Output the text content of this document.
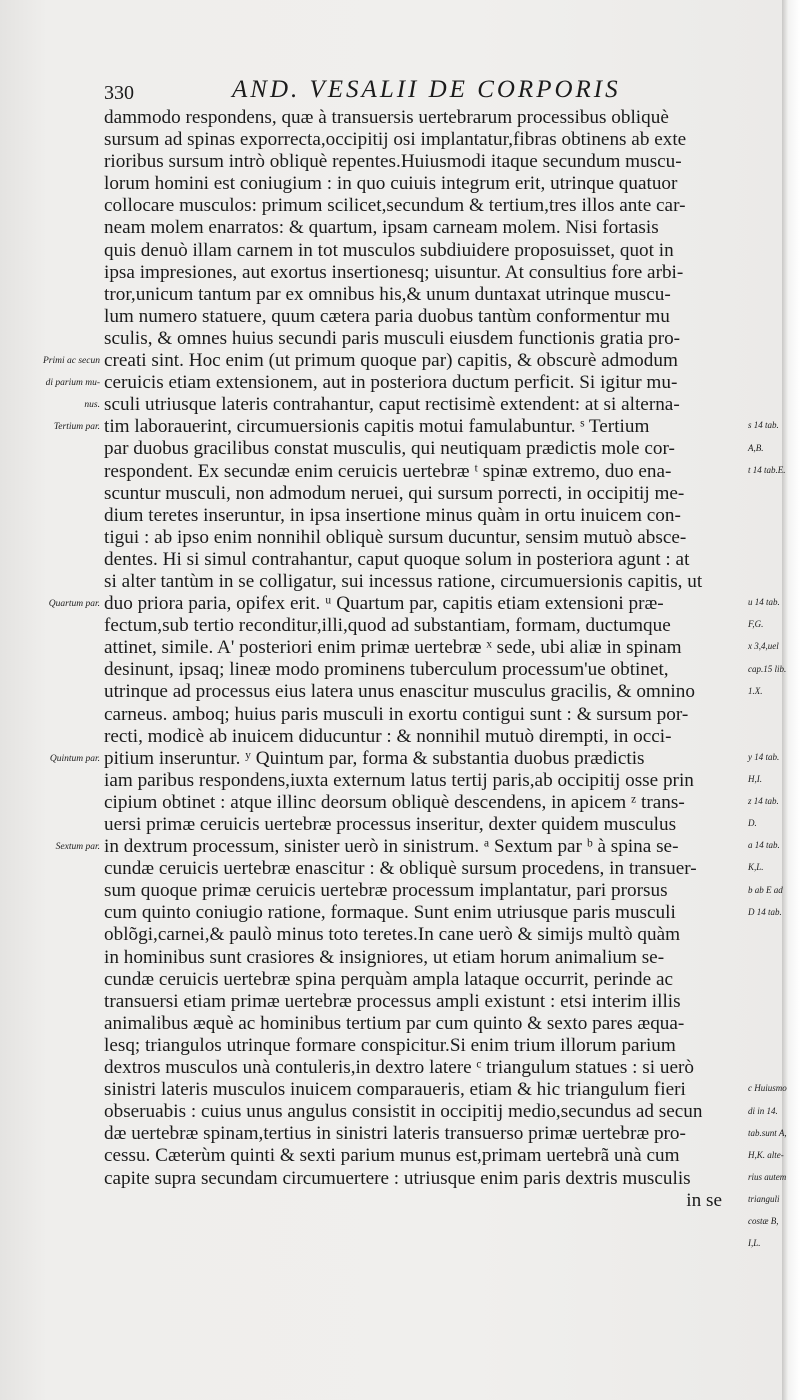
330	AND. VESALII DE CORPORIS
dammodo respondens, quæ à transuersis uertebrarum processibus obliquè
sursum ad spinas exporrecta,occipitij osi implantatur,fibras obtinens ab exte
rioribus sursum intrò obliquè repentes.Huiusmodi itaque secundum muscu-
lorum homini est coniugium : in quo cuiuis integrum erit, utrinque quatuor
collocare musculos: primum scilicet,secundum & tertium,tres illos ante car-
neam molem enarratos: & quartum, ipsam carneam molem. Nisi fortasis
quis denuò illam carnem in tot musculos subdiuidere proposuisset, quot in
ipsa impresiones, aut exortus insertionesq; uisuntur. At consultius fore arbi-
tror,unicum tantum par ex omnibus his,& unum duntaxat utrinque muscu-
lum numero statuere, quum cætera paria duobus tantùm conformentur mu
sculis, & omnes huius secundi paris musculi eiusdem functionis gratia pro-
creati sint. Hoc enim (ut primum quoque par) capitis, & obscurè admodum
ceruicis etiam extensionem, aut in posteriora ductum perficit. Si igitur mu-
sculi utriusque lateris contrahantur, caput rectisimè extendent: at si alterna-
tim laborauerint, circumuersionis capitis motui famulabuntur. ˢ Tertium
par duobus gracilibus constat musculis, qui neutiquam prædictis mole cor-
respondent. Ex secundæ enim ceruicis uertebræ ᵗ spinæ extremo, duo ena-
scuntur musculi, non admodum neruei, qui sursum porrecti, in occipitij me-
dium teretes inseruntur, in ipsa insertione minus quàm in ortu inuicem con-
tigui : ab ipso enim nonnihil obliquè sursum ducuntur, sensim mutuò absce-
dentes. Hi si simul contrahantur, caput quoque solum in posteriora agunt : at
si alter tantùm in se colligatur, sui incessus ratione, circumuersionis capitis, ut
duo priora paria, opifex erit. ᵘ Quartum par, capitis etiam extensioni præ-
fectum,sub tertio reconditur,illi,quod ad substantiam, formam, ductumque
attinet, simile. A' posteriori enim primæ uertebræ ˣ sede, ubi aliæ in spinam
desinunt, ipsaq; lineæ modo prominens tuberculum processum'ue obtinet,
utrinque ad processus eius latera unus enascitur musculus gracilis, & omnino
carneus. amboq; huius paris musculi in exortu contigui sunt : & sursum por-
recti, modicè ab inuicem diducuntur : & nonnihil mutuò dirempti, in occi-
pitium inseruntur. ʸ Quintum par, forma & substantia duobus prædictis
iam paribus respondens,iuxta externum latus tertij paris,ab occipitij osse prin
cipium obtinet : atque illinc deorsum obliquè descendens, in apicem ᶻ trans-
uersi primæ ceruicis uertebræ processus inseritur, dexter quidem musculus
in dextrum processum, sinister uerò in sinistrum. ᵃ Sextum par ᵇ à spina se-
cundæ ceruicis uertebræ enascitur : & obliquè sursum procedens, in transuer-
sum quoque primæ ceruicis uertebræ processum implantatur, pari prorsus
cum quinto coniugio ratione, formaque. Sunt enim utriusque paris musculi
oblõgi,carnei,& paulò minus toto teretes.In cane uerò & simijs multò quàm
in hominibus sunt crasiores & insigniores, ut etiam horum animalium se-
cundæ ceruicis uertebræ spina perquàm ampla lataque occurrit, perinde ac
transuersi etiam primæ uertebræ processus ampli existunt : etsi interim illis
animalibus æquè ac hominibus tertium par cum quinto & sexto pares æqua-
lesq; triangulos utrinque formare conspicitur.Si enim trium illorum parium
dextros musculos unà contuleris,in dextro latere ᶜ triangulum statues : si uerò
sinistri lateris musculos inuicem comparaueris, etiam & hic triangulum fieri
obseruabis : cuius unus angulus consistit in occipitij medio,secundus ad secun
dæ uertebræ spinam,tertius in sinistri lateris transuerso primæ uertebræ pro-
cessu. Cæterùm quinti & sexti parium munus est,primam uertebrã unà cum
capite supra secundam circumuertere : utriusque enim paris dextris musculis
in se
Primi ac secun
di parium mu-
nus.
Tertium par.
Quartum par.
Quintum par.
Sextum par.
s 14 tab.
A,B.
t 14 tab.E.
u 14 tab.
F,G.
x 3,4,uel
cap.15 lib.
1.X.
y 14 tab.
H,I.
z 14 tab.
D.
a 14 tab.
K,L.
b ab E ad
D 14 tab.
c Huiusmo
di in 14.
tab.sunt A,
H,K. alte-
rius autem
trianguli
costæ B,
I,L.
